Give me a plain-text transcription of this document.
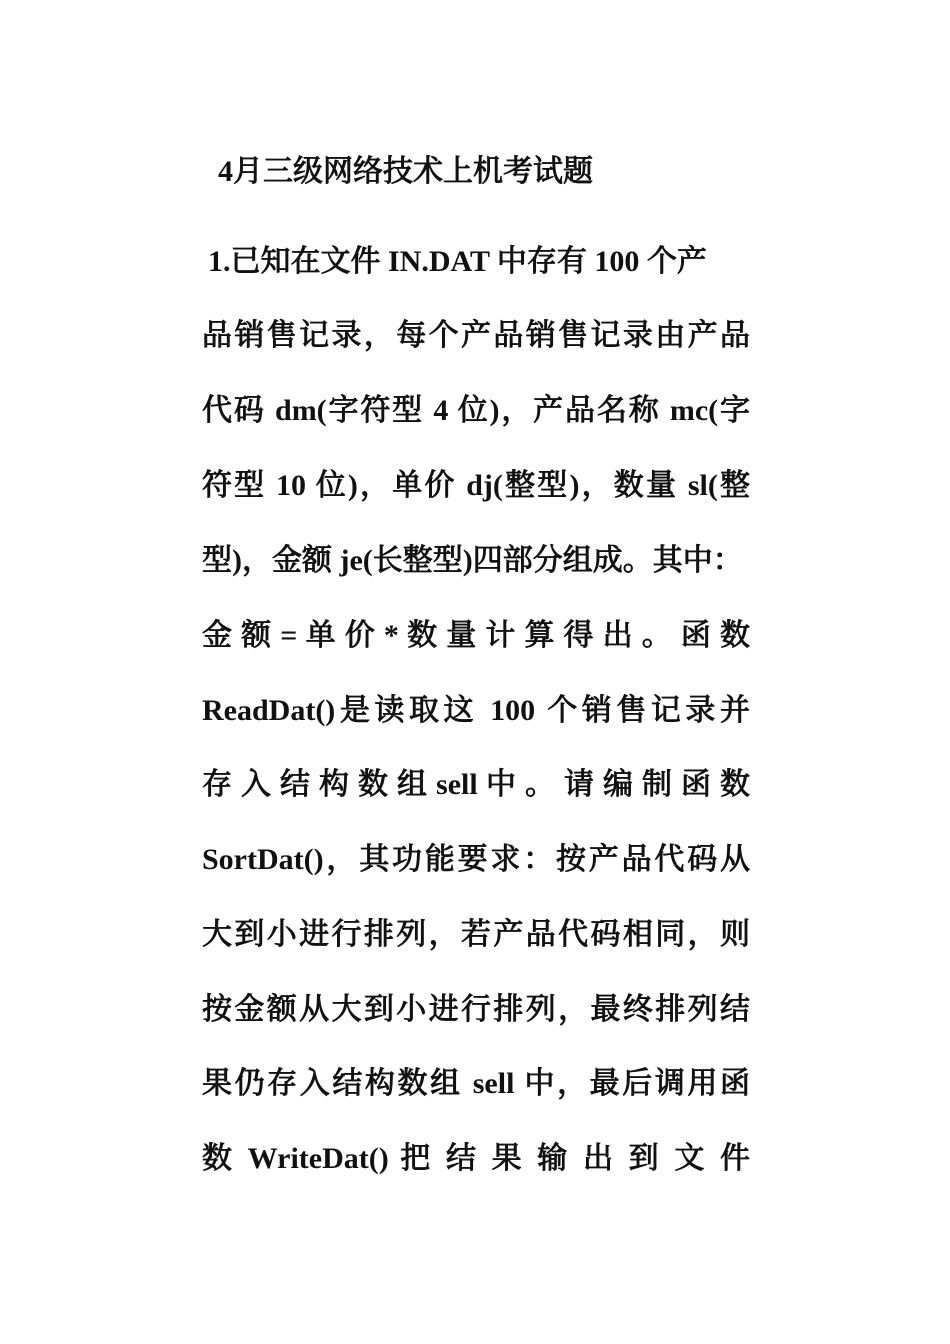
4月三级网络技术上机考试题
1.已知在文件 IN.DAT 中存有 100 个产
品销售记录，每个产品销售记录由产品
代码 dm(字符型 4 位)，产品名称 mc(字
符型 10 位)，单价 dj(整型)，数量 sl(整
型)，金额 je(长整型)四部分组成。其中：
金 额 = 单 价 * 数 量 计 算 得 出 。 函 数
ReadDat()是读取这 100 个销售记录并
存 入 结 构 数 组 sell 中 。 请 编 制 函 数
SortDat()，其功能要求：按产品代码从
大到小进行排列，若产品代码相同，则
按金额从大到小进行排列，最终排列结
果仍存入结构数组 sell 中，最后调用函
数 WriteDat() 把 结 果 输 出 到 文 件
